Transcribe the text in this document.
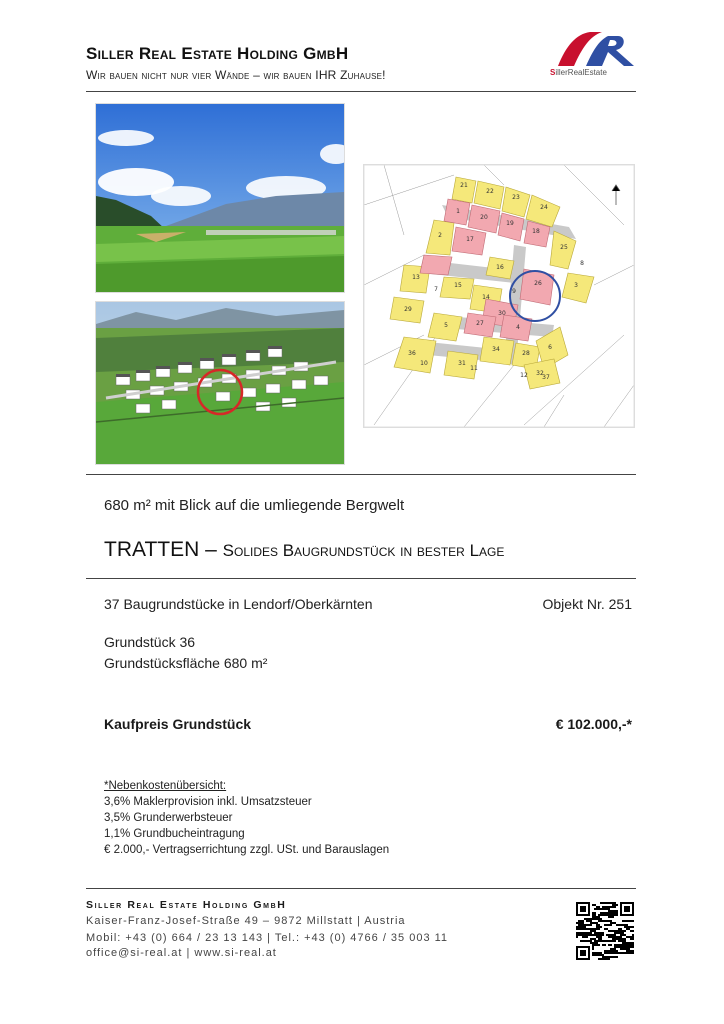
Siller Real Estate Holding GmbH
Wir bauen nicht nur vier Wände – wir bauen IHR Zuhause!	SillerRealEstate
21
22
23
24
1
20
19
18
25
2
17
16
15	26	3
13
14
30
27
4
29
5
36
34
28
6
32
31
7
8
9
10
11
37
12
680 m² mit Blick auf die umliegende Bergwelt
TRATTEN – Solides Baugrundstück in bester Lage
37 Baugrundstücke in Lendorf/Oberkärnten	Objekt Nr. 251
Grundstück 36
Grundstücksfläche 680 m²
Kaufpreis Grundstück	€ 102.000,-*
*Nebenkostenübersicht:
3,6% Maklerprovision inkl. Umsatzsteuer
3,5% Grunderwerbsteuer
1,1% Grundbucheintragung
€ 2.000,- Vertragserrichtung zzgl. USt. und Barauslagen
Siller Real Estate Holding GmbH
Kaiser-Franz-Josef-Straße 49 – 9872 Millstatt | Austria
Mobil: +43 (0) 664 / 23 13 143 | Tel.: +43 (0) 4766 / 35 003 11
office@si-real.at | www.si-real.at
